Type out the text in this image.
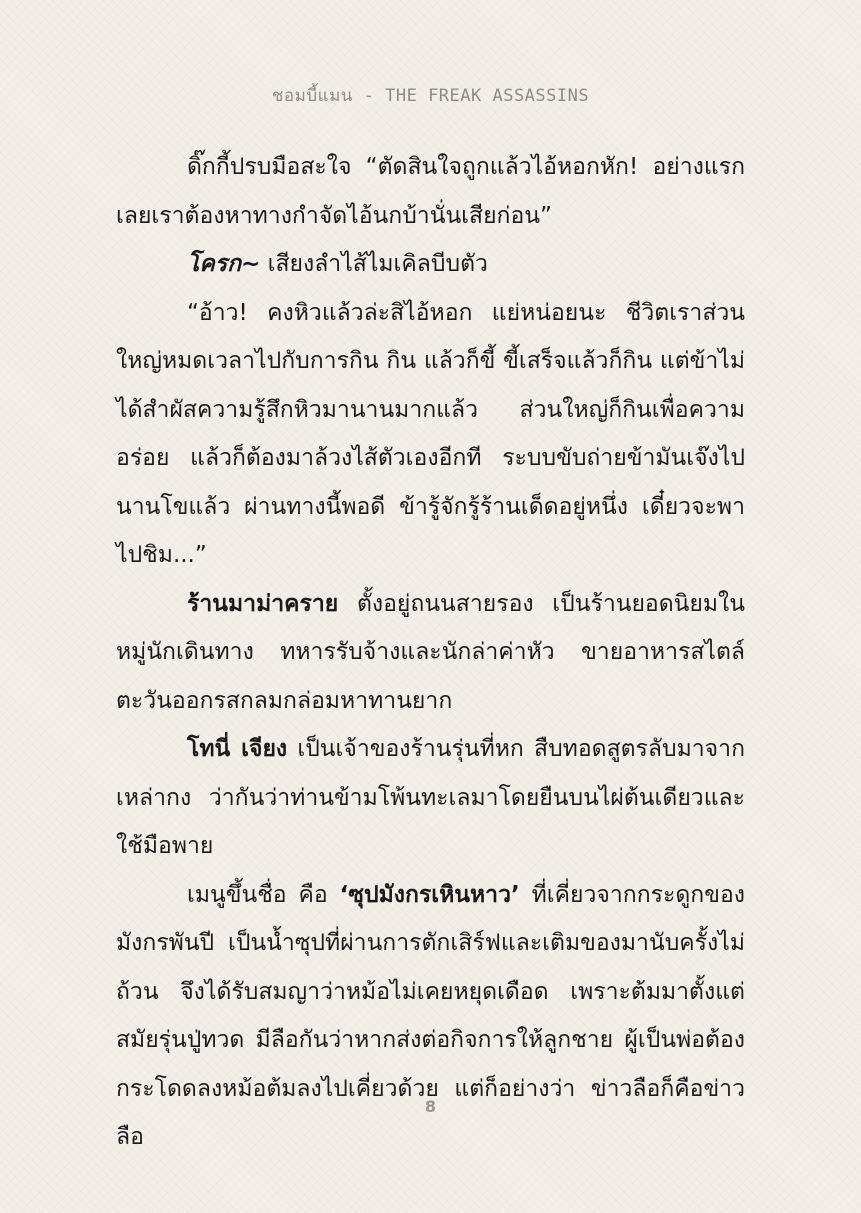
ชอมบี้แมน - THE FREAK ASSASSINS

ดิ๊กกี้ปรบมือสะใจ “ตัดสินใจถูกแล้วไอ้หอกหัก! อย่างแรกเลยเราต้องหาทางกำจัดไอ้นกบ้านั่นเสียก่อน”

โครก~ เสียงลำไส้ไมเคิลบีบตัว

“อ้าว! คงหิวแล้วล่ะสิไอ้หอก แย่หน่อยนะ ชีวิตเราส่วนใหญ่หมดเวลาไปกับการกิน กิน แล้วก็ขี้ ขี้เสร็จแล้วก็กิน แต่ข้าไม่ได้สำผัสความรู้สึกหิวมานานมากแล้ว ส่วนใหญ่ก็กินเพื่อความอร่อย แล้วก็ต้องมาล้วงไส้ตัวเองอีกที ระบบขับถ่ายข้ามันเจ๊งไปนานโขแล้ว ผ่านทางนี้พอดี ข้ารู้จักรู้ร้านเด็ดอยู่หนึ่ง เดี๋ยวจะพาไปชิม...”

ร้านมาม่าคราย ตั้งอยู่ถนนสายรอง เป็นร้านยอดนิยมในหมู่นักเดินทาง ทหารรับจ้างและนักล่าค่าหัว ขายอาหารสไตล์ตะวันออกรสกลมกล่อมหาทานยาก

โทนี่ เจียง เป็นเจ้าของร้านรุ่นที่หก สืบทอดสูตรลับมาจากเหล่ากง ว่ากันว่าท่านข้ามโพ้นทะเลมาโดยยืนบนไผ่ต้นเดียวและใช้มือพาย

เมนูขึ้นชื่อ คือ ‘ซุปมังกรเหินหาว’ ที่เคี่ยวจากกระดูกของมังกรพันปี เป็นน้ำซุปที่ผ่านการตักเสิร์ฟและเติมของมานับครั้งไม่ถ้วน จึงได้รับสมญาว่าหม้อไม่เคยหยุดเดือด เพราะต้มมาตั้งแต่สมัยรุ่นปู่ทวด มีลือกันว่าหากส่งต่อกิจการให้ลูกชาย ผู้เป็นพ่อต้องกระโดดลงหม้อต้มลงไปเคี่ยวด้วย แต่ก็อย่างว่า ข่าวลือก็คือข่าวลือ

8
